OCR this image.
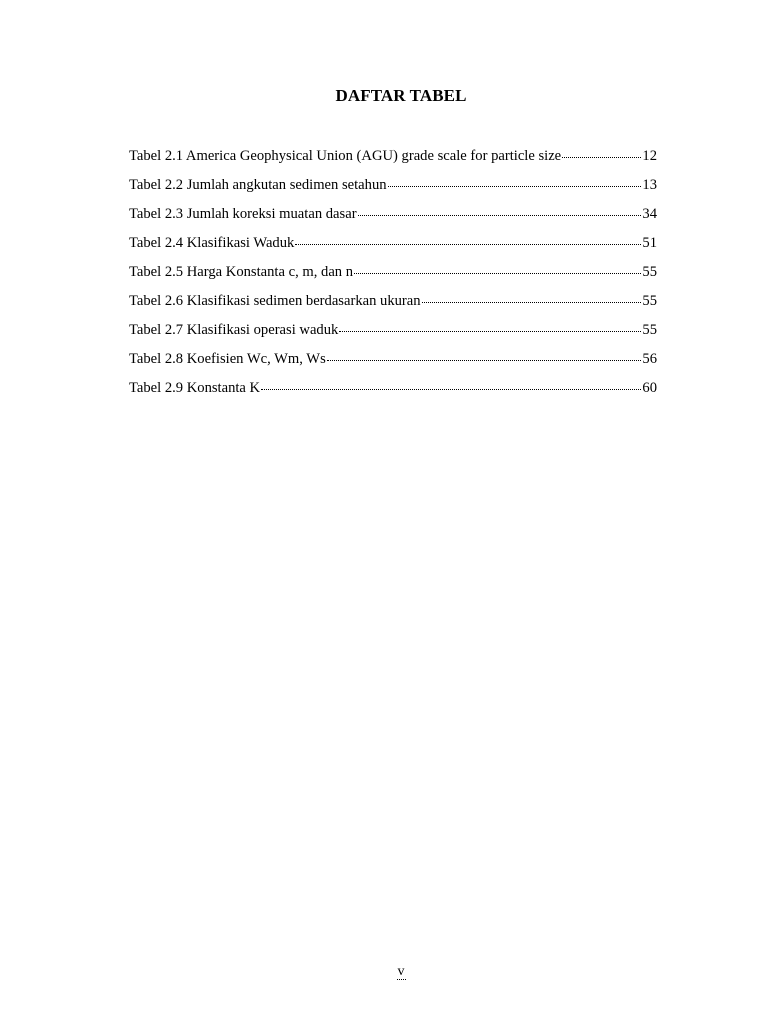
DAFTAR TABEL
Tabel 2.1 America Geophysical Union (AGU) grade scale for particle size	12
Tabel 2.2 Jumlah angkutan sedimen setahun	13
Tabel 2.3 Jumlah koreksi muatan dasar	34
Tabel 2.4 Klasifikasi Waduk	51
Tabel 2.5 Harga Konstanta c, m, dan n	55
Tabel 2.6 Klasifikasi sedimen berdasarkan ukuran	55
Tabel 2.7 Klasifikasi operasi waduk	55
Tabel 2.8 Koefisien Wc, Wm, Ws	56
Tabel 2.9 Konstanta K	60
v
